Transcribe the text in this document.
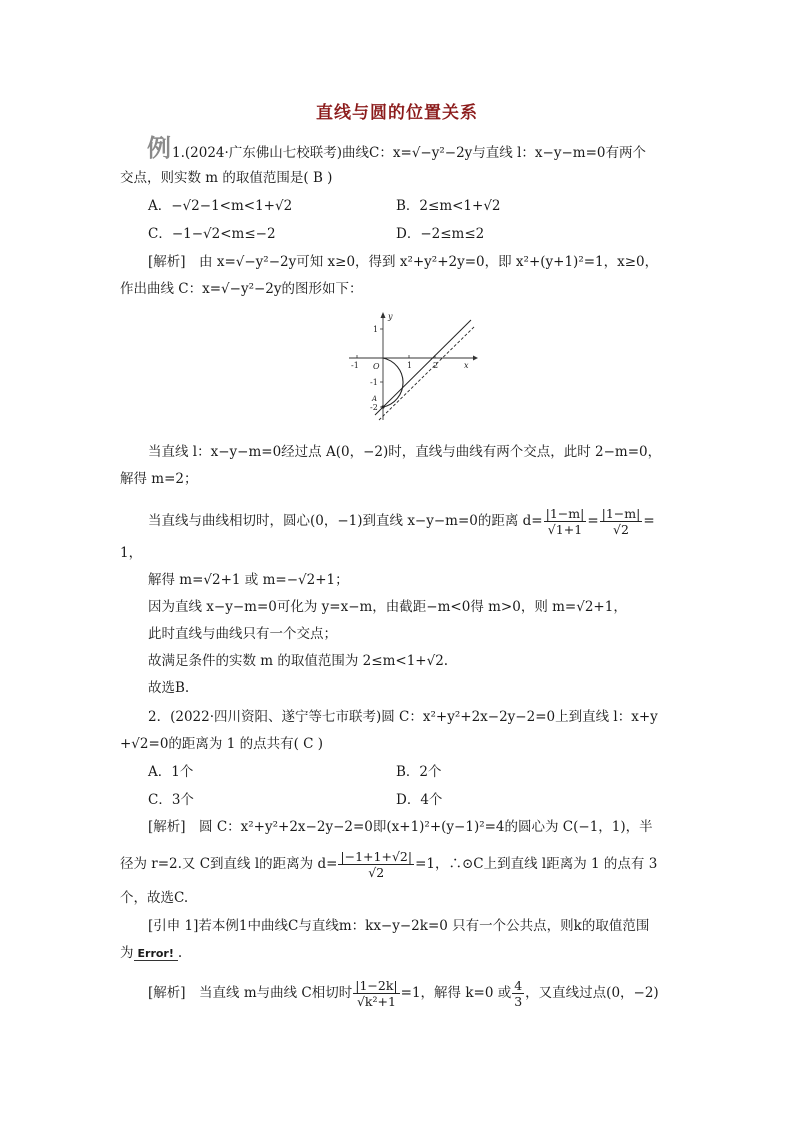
直线与圆的位置关系
例 1.(2024·广东佛山七校联考)曲线C：x=√−y²−2y与直线 l：x−y−m=0有两个
交点，则实数 m 的取值范围是( B )
A．−√2−1<m<1+√2	B．2≤m<1+√2
C．−1−√2<m≤−2	D．−2≤m≤2
[解析]　由 x=√−y²−2y可知 x≥0，得到 x²+y²+2y=0，即 x²+(y+1)²=1，x≥0，
作出曲线 C：x=√−y²−2y的图形如下：
y
x
O
1
-1
-2
1	2
-1
A
当直线 l：x−y−m=0经过点 A(0，−2)时，直线与曲线有两个交点，此时 2−m=0，
解得 m=2；
当直线与曲线相切时，圆心(0，−1)到直线 x−y−m=0的距离 $d= \frac{|1-m|}{√1+1} = \frac{|1-m|}{√2}$ =
1，
解得 m=√2+1 或 m=−√2+1；
因为直线 x−y−m=0可化为 y=x−m，由截距−m<0得 m>0，则 m=√2+1，
此时直线与曲线只有一个交点；
故满足条件的实数 m 的取值范围为 2≤m<1+√2.
故选B.
2．(2022·四川资阳、遂宁等七市联考)圆 C：x²+y²+2x−2y−2=0上到直线 l：x+y
+√2=0的距离为 1 的点共有( C )
A．1个	B．2个
C．3个	D．4个
[解析]　圆 C：x²+y²+2x−2y−2=0即(x+1)²+(y−1)²=4的圆心为 C(−1，1)，半
径为 r=2.又 C到直线 l的距离为 $d= \frac{|-1+1+√2|}{√2} =1$，∴⊙C上到直线 l距离为 1 的点有 3
个，故选C.
[引申 1]若本例1中曲线C与直线m：kx−y−2k=0 只有一个公共点，则k的取值范围
为 Error! .
[解析]　当直线 m与曲线 C相切时 $\frac{|1-2k|}{\text{√k²+1}} =1$，解得 k=0 或 $\frac{4}{3}$ ，又直线过点(0，−2)
